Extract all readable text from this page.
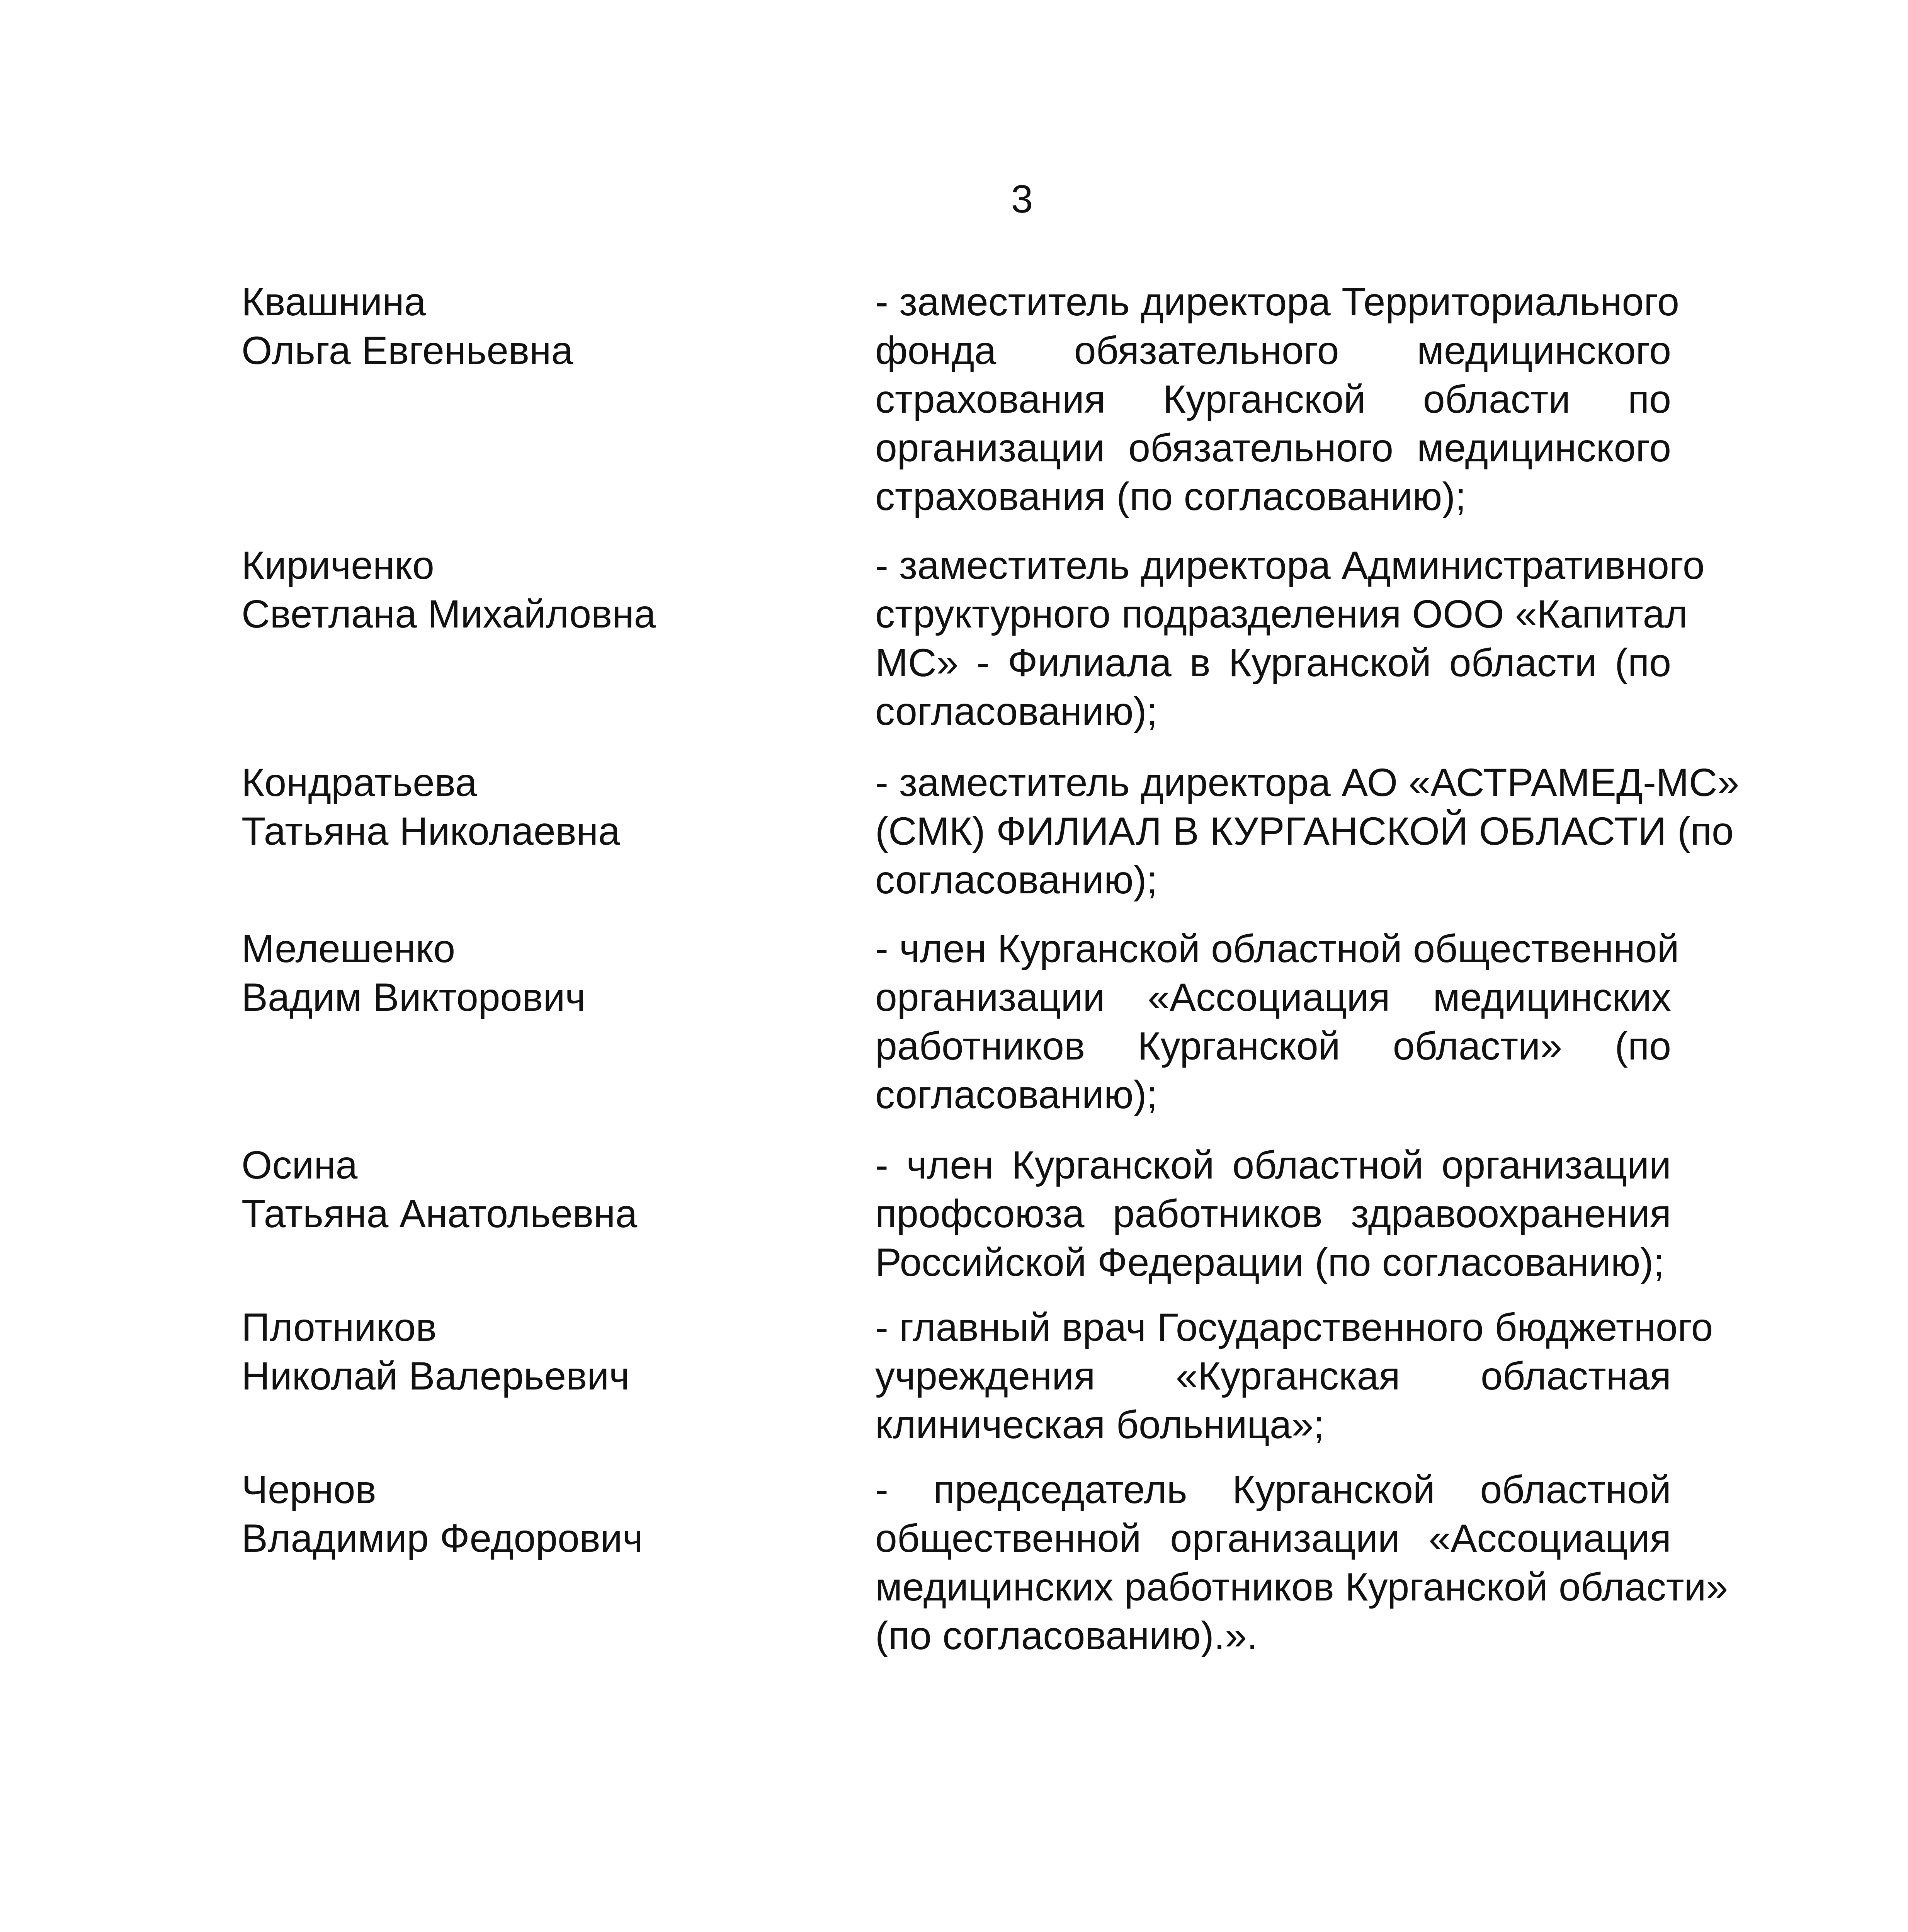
3
Квашнина
Ольга Евгеньевна
- заместитель директора Территориального
фонда обязательного медицинского
страхования Курганской области по
организации обязательного медицинского
страхования (по согласованию);
Кириченко
Светлана Михайловна
- заместитель директора Административного
структурного подразделения ООО «Капитал
МС» - Филиала в Курганской области (по
согласованию);
Кондратьева
Татьяна Николаевна
- заместитель директора АО «АСТРАМЕД-МС»
(СМК) ФИЛИАЛ В КУРГАНСКОЙ ОБЛАСТИ (по
согласованию);
Мелешенко
Вадим Викторович
- член Курганской областной общественной
организации «Ассоциация медицинских
работников Курганской области» (по
согласованию);
Осина
Татьяна Анатольевна
- член Курганской областной организации
профсоюза работников здравоохранения
Российской Федерации (по согласованию);
Плотников
Николай Валерьевич
- главный врач Государственного бюджетного
учреждения «Курганская областная
клиническая больница»;
Чернов
Владимир Федорович
- председатель Курганской областной
общественной организации «Ассоциация
медицинских работников Курганской области»
(по согласованию).».
